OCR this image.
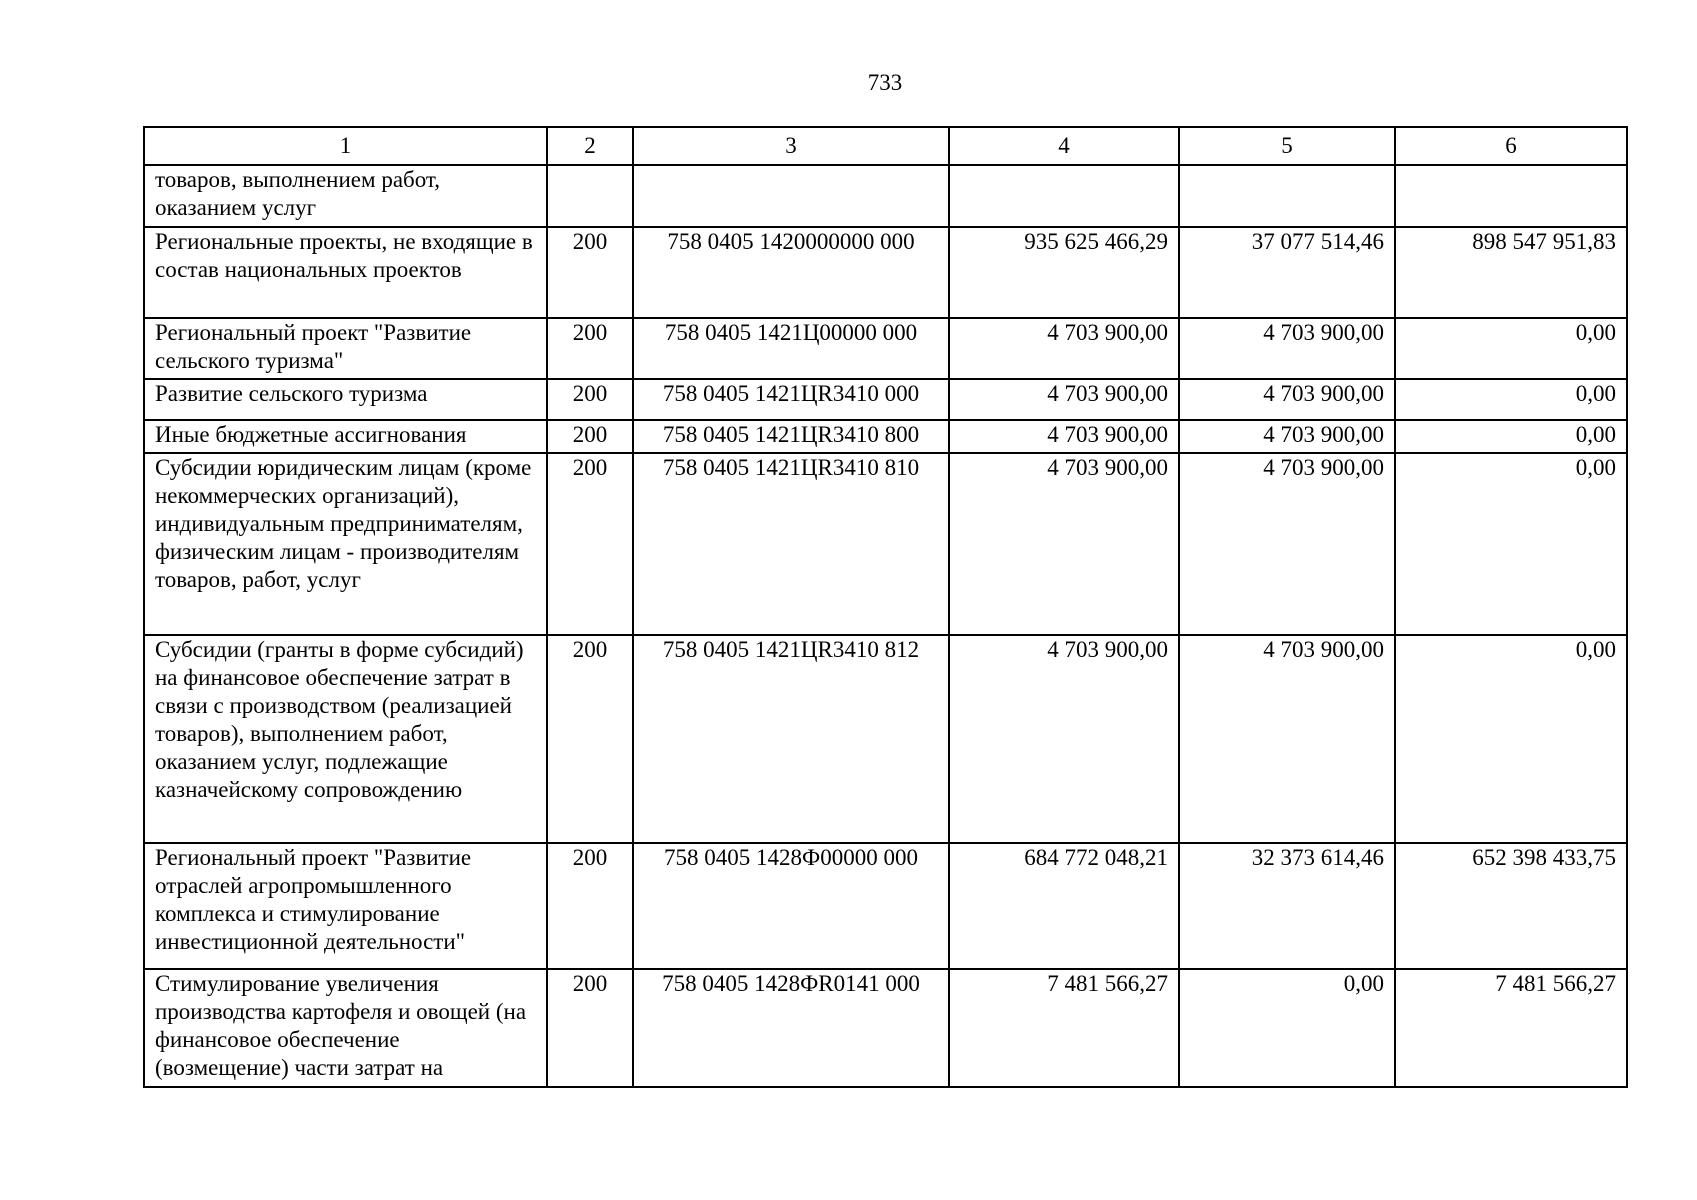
733
1	2	3	4	5	6
товаров, выполнением работ, оказанием услуг					
Региональные проекты, не входящие в состав национальных проектов	200	758 0405 1420000000 000	935 625 466,29	37 077 514,46	898 547 951,83
Региональный проект "Развитие сельского туризма"	200	758 0405 1421Ц00000 000	4 703 900,00	4 703 900,00	0,00
Развитие сельского туризма	200	758 0405 1421ЦR3410 000	4 703 900,00	4 703 900,00	0,00
Иные бюджетные ассигнования	200	758 0405 1421ЦR3410 800	4 703 900,00	4 703 900,00	0,00
Субсидии юридическим лицам (кроме некоммерческих организаций), индивидуальным предпринимателям, физическим лицам - производителям товаров, работ, услуг	200	758 0405 1421ЦR3410 810	4 703 900,00	4 703 900,00	0,00
Субсидии (гранты в форме субсидий) на финансовое обеспечение затрат в связи с производством (реализацией товаров), выполнением работ, оказанием услуг, подлежащие казначейскому сопровождению	200	758 0405 1421ЦR3410 812	4 703 900,00	4 703 900,00	0,00
Региональный проект "Развитие отраслей агропромышленного комплекса и стимулирование инвестиционной деятельности"	200	758 0405 1428Ф00000 000	684 772 048,21	32 373 614,46	652 398 433,75
Стимулирование увеличения производства картофеля и овощей (на финансовое обеспечение (возмещение) части затрат на	200	758 0405 1428ФR0141 000	7 481 566,27	0,00	7 481 566,27
